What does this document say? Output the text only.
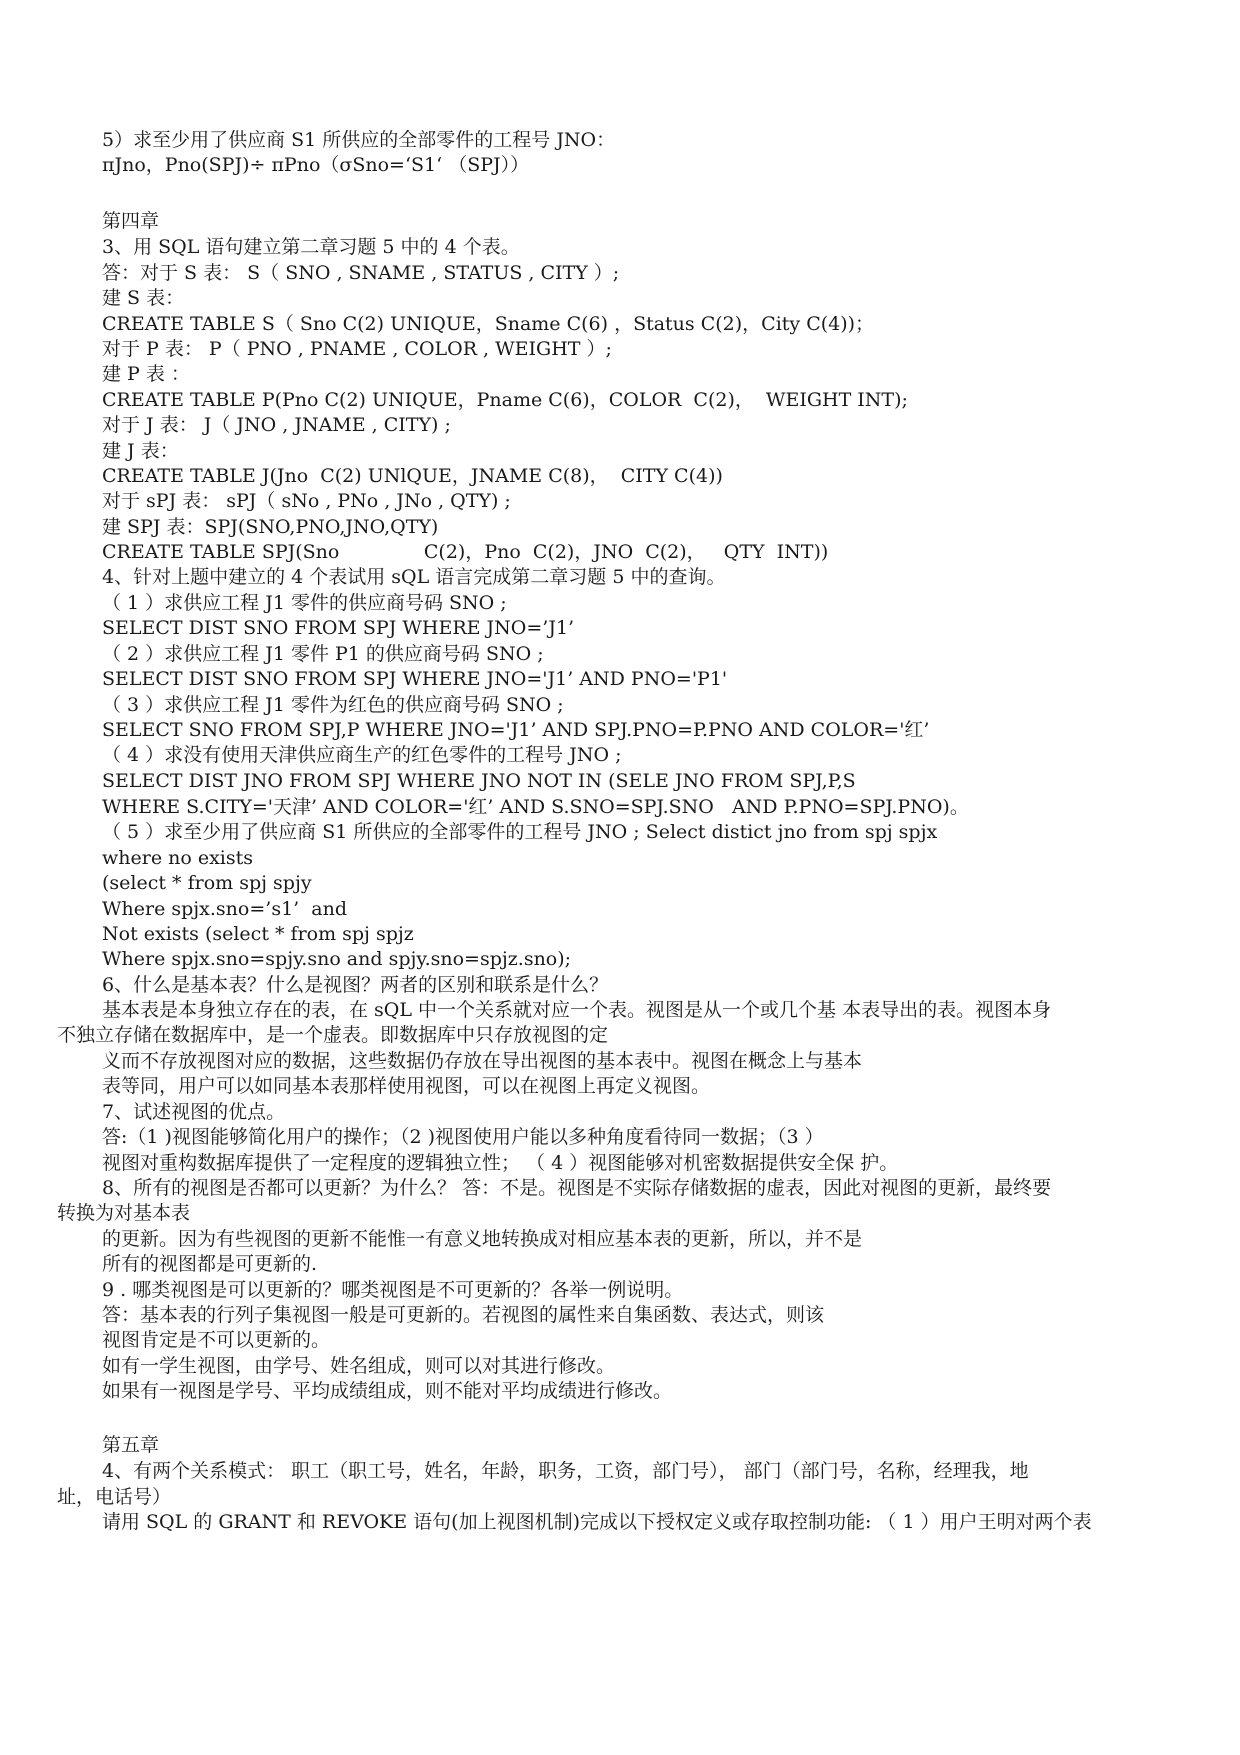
5）求至少用了供应商 S1 所供应的全部零件的工程号 JNO：
πJno，Pno(SPJ)÷ πPno（σSno=‘S1‘ （SPJ））
第四章
3、用 SQL 语句建立第二章习题 5 中的 4 个表。
答：对于 S 表： S（ SNO , SNAME , STATUS , CITY ）;
建 S 表：
CREATE TABLE S（ Sno C(2) UNIQUE，Sname C(6) ，Status C(2)，City C(4))；
对于 P 表： P（ PNO , PNAME , COLOR , WEIGHT ）;
建 P 表 ：
CREATE TABLE P(Pno C(2) UNIQUE，Pname C(6)，COLOR  C(2)，  WEIGHT INT);
对于 J 表： J（ JNO , JNAME , CITY) ;
建 J 表：
CREATE TABLE J(Jno  C(2) UNlQUE，JNAME C(8)，  CITY C(4))
对于 sPJ 表： sPJ（ sNo , PNo , JNo , QTY) ;
建 SPJ 表：SPJ(SNO,PNO,JNO,QTY)
CREATE TABLE SPJ(Sno              C(2)，Pno  C(2)，JNO  C(2)，   QTY  INT))
4、针对上题中建立的 4 个表试用 sQL 语言完成第二章习题 5 中的查询。
（ 1 ）求供应工程 J1 零件的供应商号码 SNO ;
SELECT DIST SNO FROM SPJ WHERE JNO=’J1’
（ 2 ）求供应工程 J1 零件 P1 的供应商号码 SNO ;
SELECT DIST SNO FROM SPJ WHERE JNO='J1’ AND PNO='P1'
（ 3 ）求供应工程 J1 零件为红色的供应商号码 SNO ;
SELECT SNO FROM SPJ,P WHERE JNO='J1’ AND SPJ.PNO=P.PNO AND COLOR='红’
（ 4 ）求没有使用天津供应商生产的红色零件的工程号 JNO ;
SELECT DIST JNO FROM SPJ WHERE JNO NOT IN (SELE JNO FROM SPJ,P,S
WHERE S.CITY='天津’ AND COLOR='红’ AND S.SNO=SPJ.SNO   AND P.PNO=SPJ.PNO)。
（ 5 ）求至少用了供应商 S1 所供应的全部零件的工程号 JNO ; Select distict jno from spj spjx
where no exists
(select * from spj spjy
Where spjx.sno=’s1’  and
Not exists (select * from spj spjz
Where spjx.sno=spjy.sno and spjy.sno=spjz.sno);
6、什么是基本表？什么是视图？两者的区别和联系是什么？
基本表是本身独立存在的表，在 sQL 中一个关系就对应一个表。视图是从一个或几个基 本表导出的表。视图本身
不独立存储在数据库中，是一个虚表。即数据库中只存放视图的定
义而不存放视图对应的数据，这些数据仍存放在导出视图的基本表中。视图在概念上与基本
表等同，用户可以如同基本表那样使用视图，可以在视图上再定义视图。
7、试述视图的优点。
答:（1 )视图能够简化用户的操作；（2 )视图使用户能以多种角度看待同一数据；（3 ）
视图对重构数据库提供了一定程度的逻辑独立性； （ 4 ）视图能够对机密数据提供安全保 护。
8、所有的视图是否都可以更新？为什么？ 答：不是。视图是不实际存储数据的虚表，因此对视图的更新，最终要
转换为对基本表
的更新。因为有些视图的更新不能惟一有意义地转换成对相应基本表的更新，所以，并不是
所有的视图都是可更新的.
9 . 哪类视图是可以更新的？哪类视图是不可更新的？各举一例说明。
答：基本表的行列子集视图一般是可更新的。若视图的属性来自集函数、表达式，则该
视图肯定是不可以更新的。
如有一学生视图，由学号、姓名组成，则可以对其进行修改。
如果有一视图是学号、平均成绩组成，则不能对平均成绩进行修改。
第五章
4、有两个关系模式： 职工（职工号，姓名，年龄，职务，工资，部门号）， 部门（部门号，名称，经理我，地
址，电话号）
请用 SQL 的 GRANT 和 REVOKE 语句(加上视图机制)完成以下授权定义或存取控制功能: （ 1 ）用户王明对两个表
